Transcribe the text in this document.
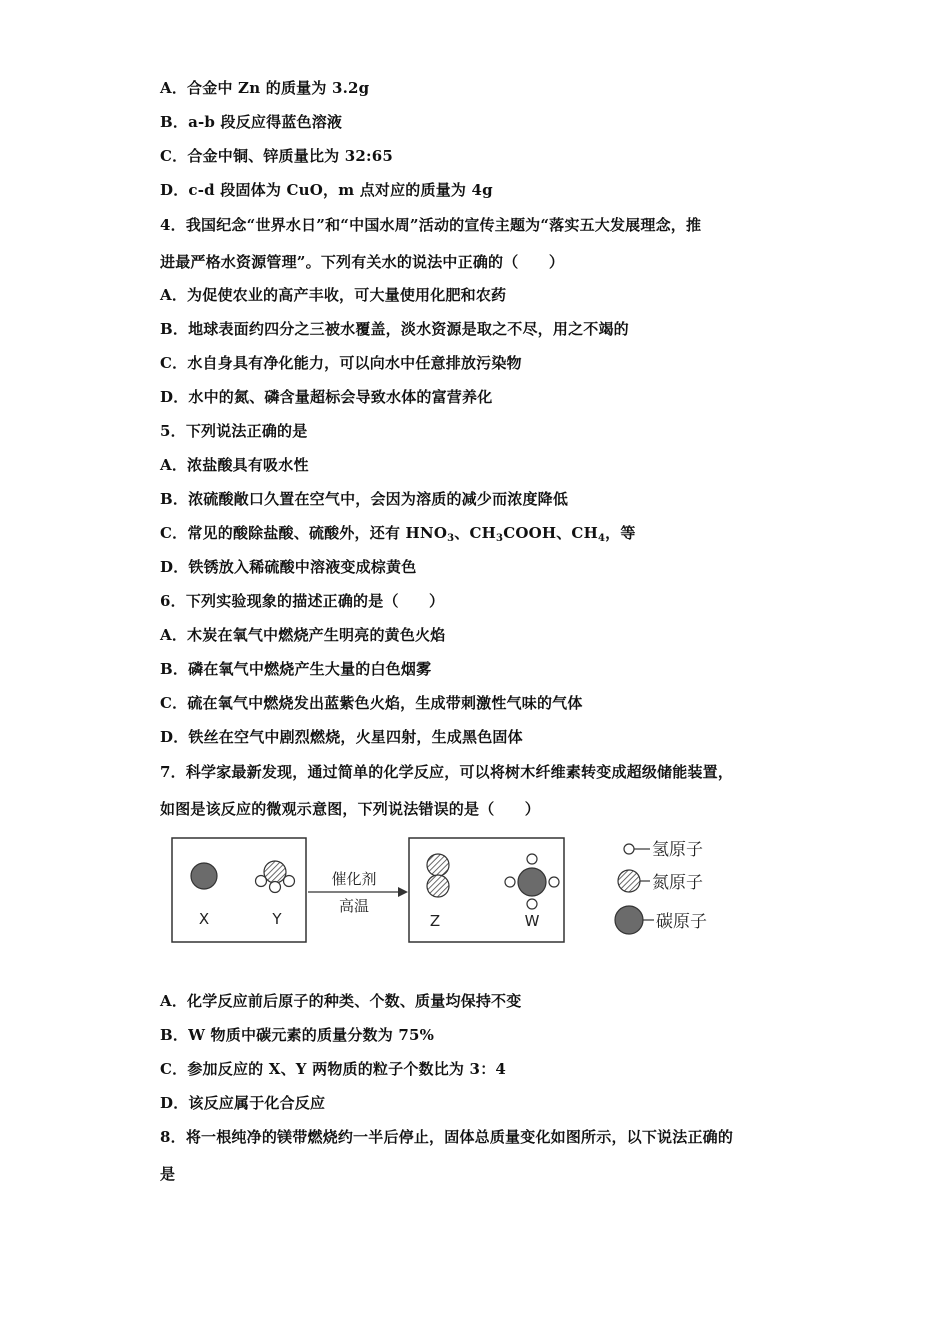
A．合金中 Zn 的质量为 3.2g
B．a-b 段反应得蓝色溶液
C．合金中铜、锌质量比为 32:65
D．c-d 段固体为 CuO，m 点对应的质量为 4g
4．我国纪念“世界水日”和“中国水周”活动的宣传主题为“落实五大发展理念，推
进最严格水资源管理”。下列有关水的说法中正确的（　　）
A．为促使农业的高产丰收，可大量使用化肥和农药
B．地球表面约四分之三被水覆盖，淡水资源是取之不尽，用之不竭的
C．水自身具有净化能力，可以向水中任意排放污染物
D．水中的氮、磷含量超标会导致水体的富营养化
5．下列说法正确的是
A．浓盐酸具有吸水性
B．浓硫酸敞口久置在空气中，会因为溶质的减少而浓度降低
C．常见的酸除盐酸、硫酸外，还有 $HNO_3$、$CH_3COOH$、$CH_4$，等
D．铁锈放入稀硫酸中溶液变成棕黄色
6．下列实验现象的描述正确的是（　　）
A．木炭在氧气中燃烧产生明亮的黄色火焰
B．磷在氧气中燃烧产生大量的白色烟雾
C．硫在氧气中燃烧发出蓝紫色火焰，生成带刺激性气味的气体
D．铁丝在空气中剧烈燃烧，火星四射，生成黑色固体
7．科学家最新发现，通过简单的化学反应，可以将树木纤维素转变成超级储能装置，
如图是该反应的微观示意图，下列说法错误的是（　　）
X	Y
催化剂
高温
Z	W
氢原子
氮原子
碳原子
A．化学反应前后原子的种类、个数、质量均保持不变
B．W 物质中碳元素的质量分数为 75%
C．参加反应的 X、Y 两物质的粒子个数比为 3：4
D．该反应属于化合反应
8．将一根纯净的镁带燃烧约一半后停止，固体总质量变化如图所示，以下说法正确的
是
